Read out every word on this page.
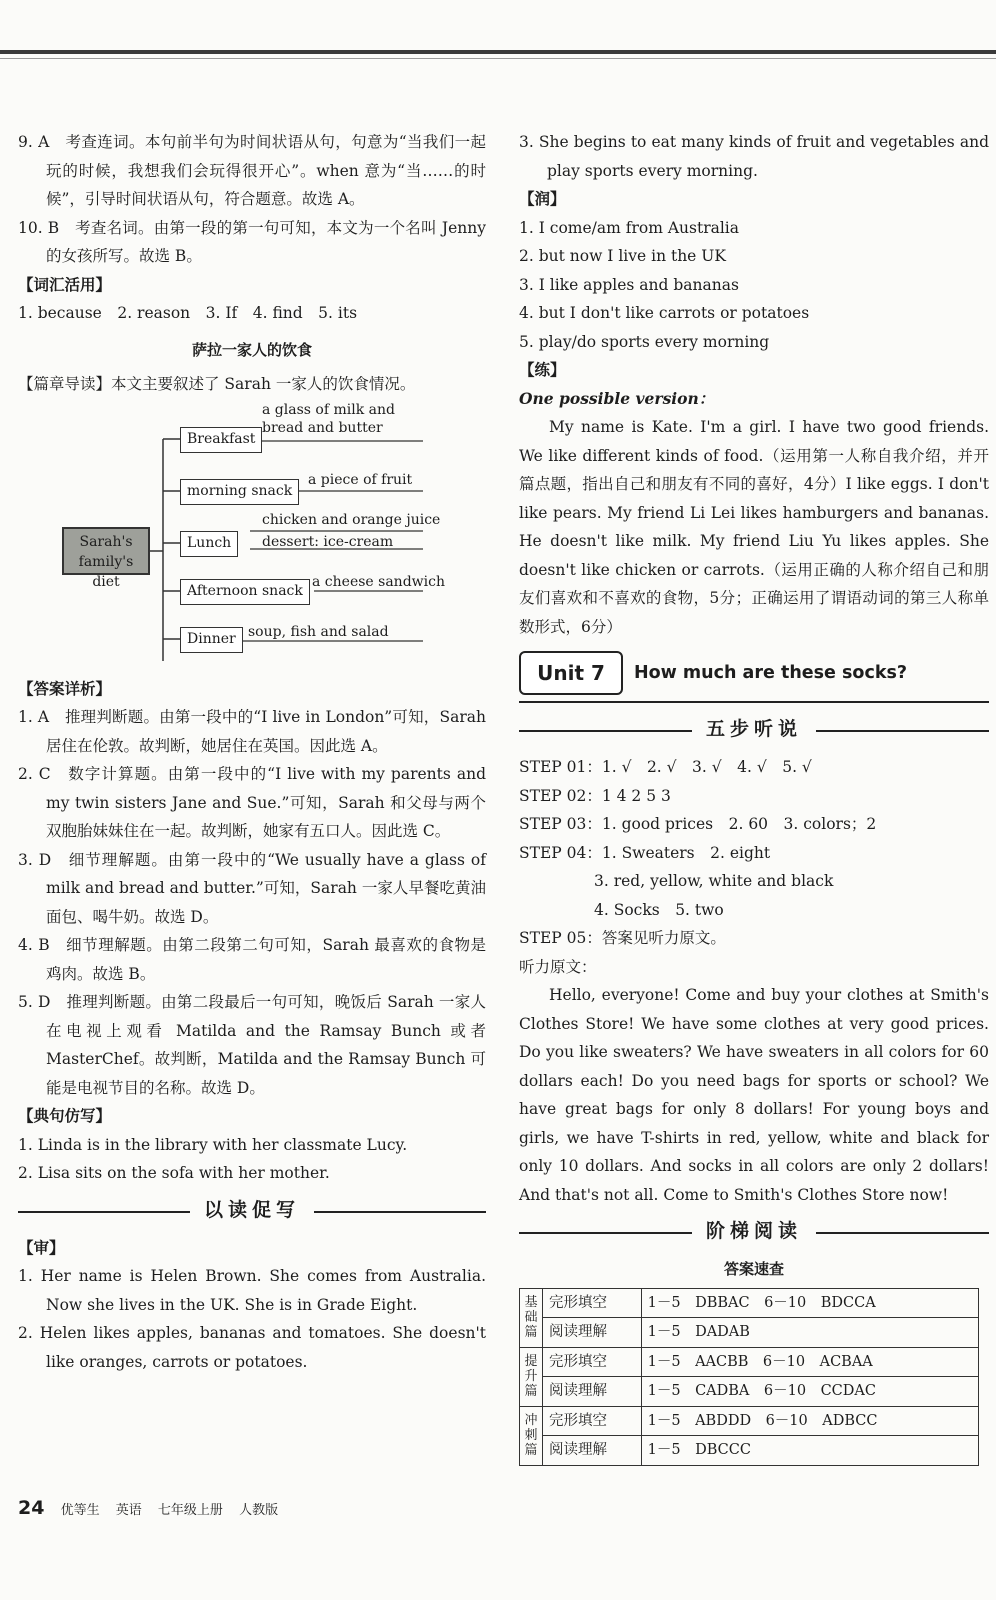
9. A　考查连词。本句前半句为时间状语从句，句意为“当我们一起玩的时候，我想我们会玩得很开心”。when 意为“当……的时候”，引导时间状语从句，符合题意。故选 A。

10. B　考查名词。由第一段的第一句可知，本文为一个名叫 Jenny 的女孩所写。故选 B。

【词汇活用】

1. because　2. reason　3. If　4. find　5. its

萨拉一家人的饮食

【篇章导读】本文主要叙述了 Sarah 一家人的饮食情况。

Sarah's family's diet
Breakfast
a glass of milk and bread and butter
morning snack
a piece of fruit
Lunch
chicken and orange juice
dessert: ice-cream
Afternoon snack
a cheese sandwich
Dinner soup, fish and salad

【答案详析】

1. A　推理判断题。由第一段中的“I live in London”可知，Sarah 居住在伦敦。故判断，她居住在英国。因此选 A。

2. C　数字计算题。由第一段中的“I live with my parents and my twin sisters Jane and Sue.”可知，Sarah 和父母与两个双胞胎妹妹住在一起。故判断，她家有五口人。因此选 C。

3. D　细节理解题。由第一段中的“We usually have a glass of milk and bread and butter.”可知，Sarah 一家人早餐吃黄油面包、喝牛奶。故选 D。

4. B　细节理解题。由第二段第二句可知，Sarah 最喜欢的食物是鸡肉。故选 B。

5. D　推理判断题。由第二段最后一句可知，晚饭后 Sarah 一家人在电视上观看 Matilda and the Ramsay Bunch 或者 MasterChef。故判断，Matilda and the Ramsay Bunch 可能是电视节目的名称。故选 D。

【典句仿写】

1. Linda is in the library with her classmate Lucy.

2. Lisa sits on the sofa with her mother.

以读促写

【审】

1. Her name is Helen Brown. She comes from Australia. Now she lives in the UK. She is in Grade Eight.

2. Helen likes apples, bananas and tomatoes. She doesn't like oranges, carrots or potatoes.

3. She begins to eat many kinds of fruit and vegetables and play sports every morning.

【润】

1. I come/am from Australia

2. but now I live in the UK

3. I like apples and bananas

4. but I don't like carrots or potatoes

5. play/do sports every morning

【练】

One possible version：

My name is Kate. I'm a girl. I have two good friends. We like different kinds of food.（运用第一人称自我介绍，并开篇点题，指出自己和朋友有不同的喜好，4分）I like eggs. I don't like pears. My friend Li Lei likes hamburgers and bananas. He doesn't like milk. My friend Liu Yu likes apples. She doesn't like chicken or carrots.（运用正确的人称介绍自己和朋友们喜欢和不喜欢的食物，5分；正确运用了谓语动词的第三人称单数形式，6分）

Unit 7	How much are these socks?
五步听说

STEP 01：1. √　2. √　3. √　4. √　5. √

STEP 02：1 4 2 5 3

STEP 03：1. good prices　2. 60　3. colors；2

STEP 04：1. Sweaters　2. eight

3. red, yellow, white and black

4. Socks　5. two

STEP 05：答案见听力原文。

听力原文：

Hello, everyone! Come and buy your clothes at Smith's Clothes Store! We have some clothes at very good prices. Do you like sweaters? We have sweaters in all colors for 60 dollars each! Do you need bags for sports or school? We have great bags for only 8 dollars! For young boys and girls, we have T-shirts in red, yellow, white and black for only 10 dollars. And socks in all colors are only 2 dollars! And that's not all. Come to Smith's Clothes Store now!

阶梯阅读
答案速查
基础篇	完形填空	1－5　DBBAC　6－10　BDCCA
	阅读理解	1－5　DADAB
提升篇	完形填空	1－5　AACBB　6－10　ACBAA
	阅读理解	1－5　CADBA　6－10　CCDAC
冲刺篇	完形填空	1－5　ABDDD　6－10　ADBCC
	阅读理解	1－5　DBCCC
24 优等生 英语 七年级上册 人教版
